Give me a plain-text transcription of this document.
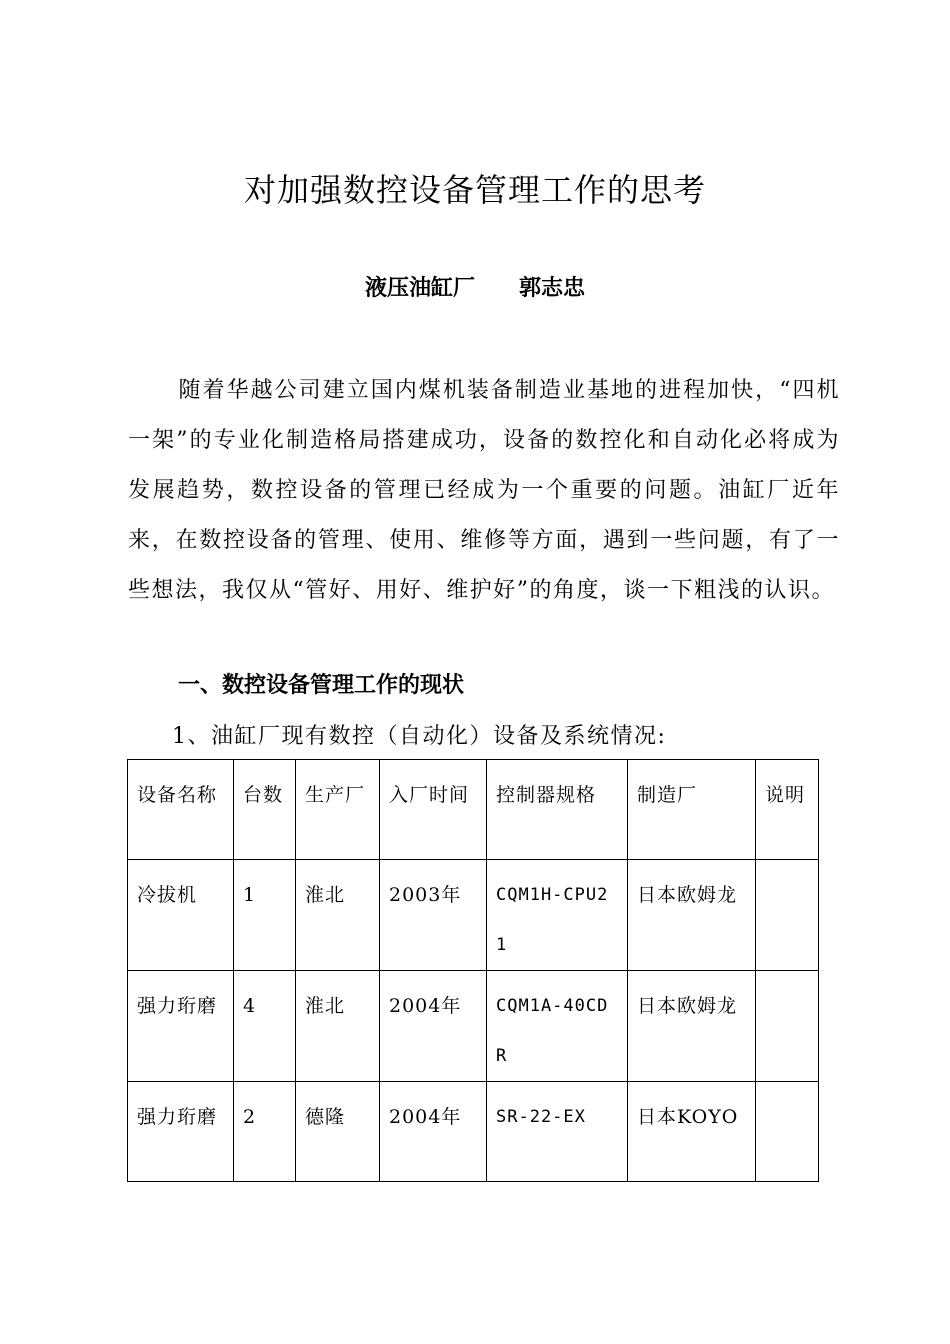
对加强数控设备管理工作的思考
液压油缸厂 郭志忠
随着华越公司建立国内煤机装备制造业基地的进程加快，“四机一架”的专业化制造格局搭建成功，设备的数控化和自动化必将成为发展趋势，数控设备的管理已经成为一个重要的问题。油缸厂近年来，在数控设备的管理、使用、维修等方面，遇到一些问题，有了一些想法，我仅从“管好、用好、维护好”的角度，谈一下粗浅的认识。
一、数控设备管理工作的现状
1、油缸厂现有数控（自动化）设备及系统情况:
设备名称	台数	生产厂	入厂时间	控制器规格	制造厂	说明
冷拔机	1	淮北	2003年	CQM1H-CPU21	日本欧姆龙	
强力珩磨	4	淮北	2004年	CQM1A-40CDR	日本欧姆龙	
强力珩磨	2	德隆	2004年	SR-22-EX	日本KOYO	
